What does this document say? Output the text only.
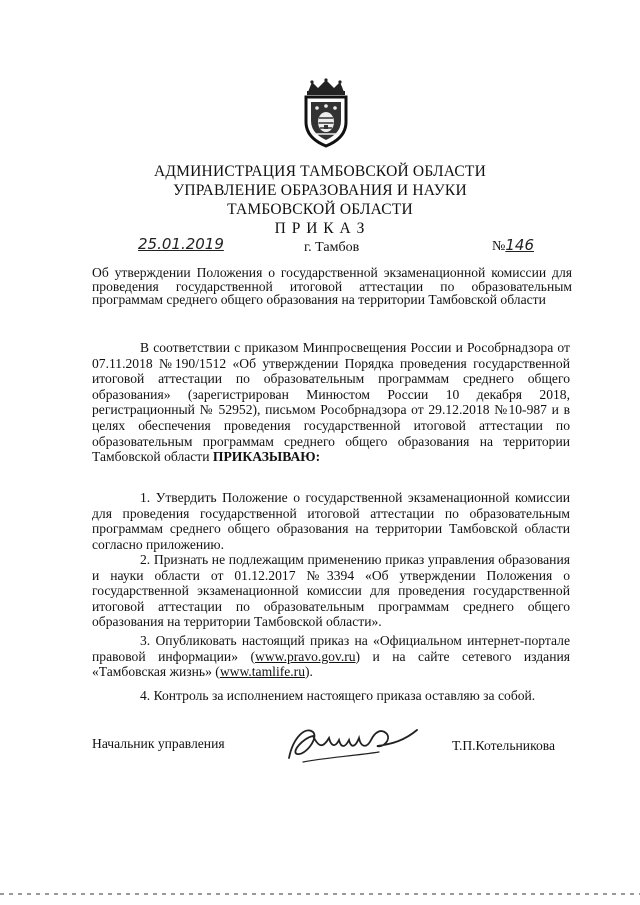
АДМИНИСТРАЦИЯ ТАМБОВСКОЙ ОБЛАСТИ
УПРАВЛЕНИЕ ОБРАЗОВАНИЯ И НАУКИ
ТАМБОВСКОЙ ОБЛАСТИ
П Р И К А З
25.01.2019	г. Тамбов	№146
Об утверждении Положения о государственной экзаменационной комиссии для проведения государственной итоговой аттестации по образовательным программам среднего общего образования на территории Тамбовской области
В соответствии с приказом Минпросвещения России и Рособрнадзора от 07.11.2018 №190/1512 «Об утверждении Порядка проведения государственной итоговой аттестации по образовательным программам среднего общего образования» (зарегистрирован Минюстом России 10 декабря 2018, регистрационный № 52952), письмом Рособрнадзора от 29.12.2018 №10-987 и в целях обеспечения проведения государственной итоговой аттестации по образовательным программам среднего общего образования на территории Тамбовской области ПРИКАЗЫВАЮ:
1. Утвердить Положение о государственной экзаменационной комиссии для проведения государственной итоговой аттестации по образовательным программам среднего общего образования на территории Тамбовской области согласно приложению.
2. Признать не подлежащим применению приказ управления образования и науки области от 01.12.2017 №3394 «Об утверждении Положения о государственной экзаменационной комиссии для проведения государственной итоговой аттестации по образовательным программам среднего общего образования на территории Тамбовской области».
3. Опубликовать настоящий приказ на «Официальном интернет-портале правовой информации» (www.pravo.gov.ru) и на сайте сетевого издания «Тамбовская жизнь» (www.tamlife.ru).
4. Контроль за исполнением настоящего приказа оставляю за собой.
Начальник управления	Т.П.Котельникова
